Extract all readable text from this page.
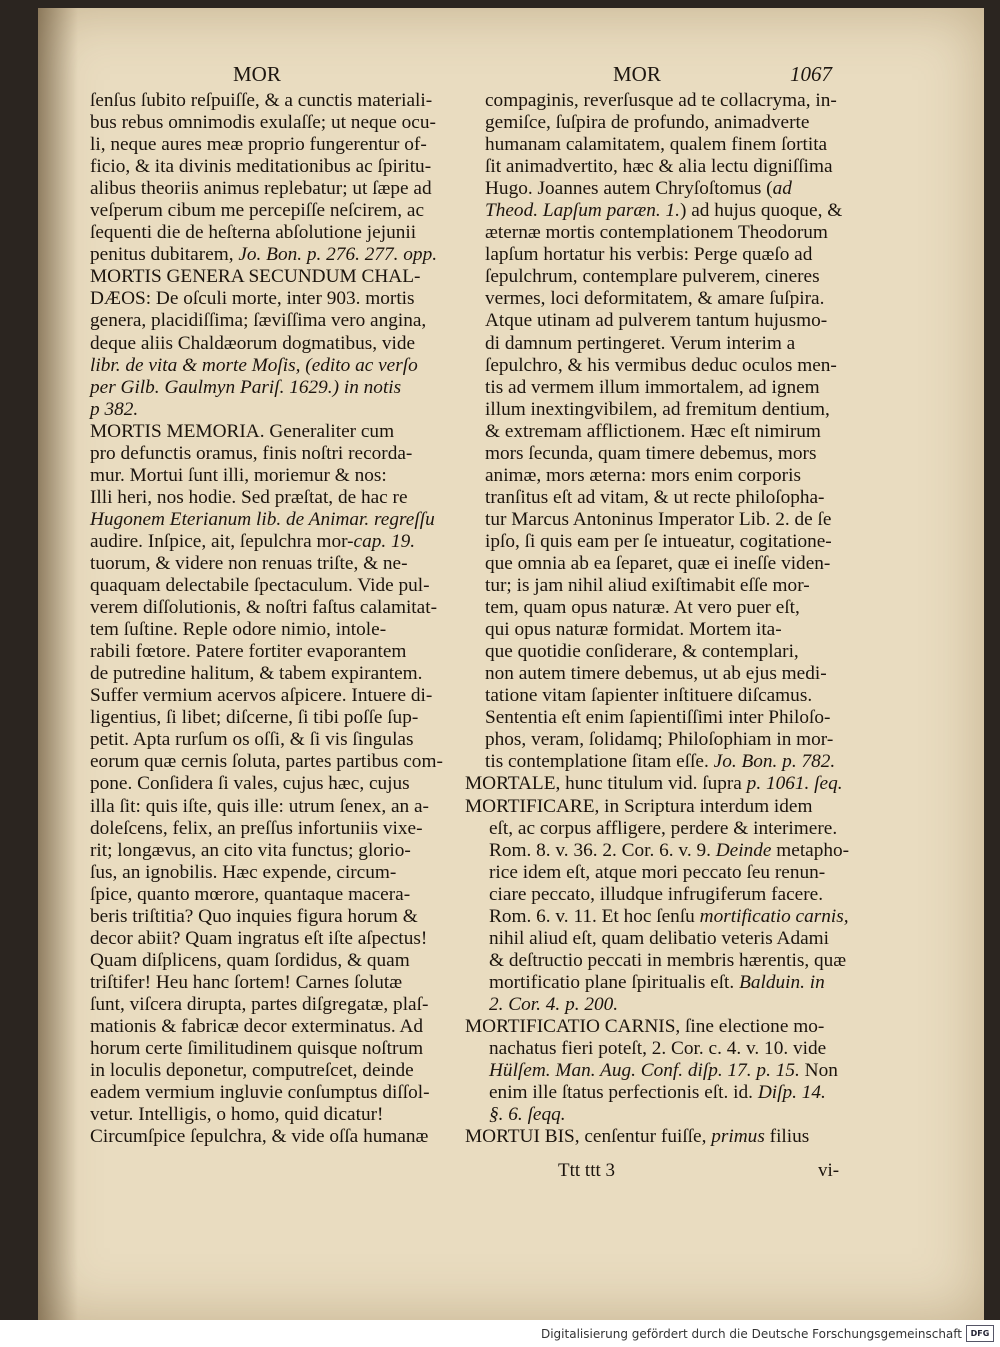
MOR	MOR	1067
ſenſus ſubito reſpuiſſe, & a cunctis materiali-
bus rebus omnimodis exulaſſe; ut neque ocu-
li, neque aures meæ proprio fungerentur of-
ficio, & ita divinis meditationibus ac ſpiritu-
alibus theoriis animus replebatur; ut ſæpe ad
veſperum cibum me percepiſſe neſcirem, ac
ſequenti die de heſterna abſolutione jejunii
penitus dubitarem, Jo. Bon. p. 276. 277. opp.
MORTIS GENERA SECUNDUM CHAL-
DÆOS: De oſculi morte, inter 903. mortis
genera, placidiſſima; ſæviſſima vero angina,
deque aliis Chaldæorum dogmatibus, vide
libr. de vita & morte Moſis, (edito ac verſo
per Gilb. Gaulmyn Pariſ. 1629.) in notis
p 382.
MORTIS MEMORIA. Generaliter cum
pro defunctis oramus, finis noſtri recorda-
mur. Mortui ſunt illi, moriemur & nos:
Illi heri, nos hodie. Sed præſtat, de hac re
Hugonem Eterianum lib. de Animar. regreſſu
audire. Inſpice, ait, ſepulchra mor-cap. 19.
tuorum, & videre non renuas triſte, & ne-
quaquam delectabile ſpectaculum. Vide pul-
verem diſſolutionis, & noſtri faſtus calamitat-
tem ſuſtine. Reple odore nimio, intole-
rabili fœtore. Patere fortiter evaporantem
de putredine halitum, & tabem expirantem.
Suffer vermium acervos aſpicere. Intuere di-
ligentius, ſi libet; diſcerne, ſi tibi poſſe ſup-
petit. Apta rurſum os oſſi, & ſi vis ſingulas
eorum quæ cernis ſoluta, partes partibus com-
pone. Conſidera ſi vales, cujus hæc, cujus
illa ſit: quis iſte, quis ille: utrum ſenex, an a-
doleſcens, felix, an preſſus infortuniis vixe-
rit; longævus, an cito vita functus; glorio-
ſus, an ignobilis. Hæc expende, circum-
ſpice, quanto mœrore, quantaque macera-
beris triſtitia? Quo inquies figura horum &
decor abiit? Quam ingratus eſt iſte aſpectus!
Quam diſplicens, quam ſordidus, & quam
triſtifer! Heu hanc ſortem! Carnes ſolutæ
ſunt, viſcera dirupta, partes diſgregatæ, plaſ-
mationis & fabricæ decor exterminatus. Ad
horum certe ſimilitudinem quisque noſtrum
in loculis deponetur, computreſcet, deinde
eadem vermium ingluvie conſumptus diſſol-
vetur. Intelligis, o homo, quid dicatur!
Circumſpice ſepulchra, & vide oſſa humanæ
compaginis, reverſusque ad te collacryma, in-
gemiſce, ſuſpira de profundo, animadverte
humanam calamitatem, qualem finem ſortita
ſit animadvertito, hæc & alia lectu digniſſima
Hugo. Joannes autem Chryſoſtomus (ad
Theod. Lapſum paræn. 1.) ad hujus quoque, &
æternæ mortis contemplationem Theodorum
lapſum hortatur his verbis: Perge quæſo ad
ſepulchrum, contemplare pulverem, cineres
vermes, loci deformitatem, & amare ſuſpira.
Atque utinam ad pulverem tantum hujusmo-
di damnum pertingeret. Verum interim a
ſepulchro, & his vermibus deduc oculos men-
tis ad vermem illum immortalem, ad ignem
illum inextingvibilem, ad fremitum dentium,
& extremam afflictionem. Hæc eſt nimirum
mors ſecunda, quam timere debemus, mors
animæ, mors æterna: mors enim corporis
tranſitus eſt ad vitam, & ut recte philoſopha-
tur Marcus Antoninus Imperator Lib. 2. de ſe
ipſo, ſi quis eam per ſe intueatur, cogitatione-
que omnia ab ea ſeparet, quæ ei ineſſe viden-
tur; is jam nihil aliud exiſtimabit eſſe mor-
tem, quam opus naturæ. At vero puer eſt,
qui opus naturæ formidat. Mortem ita-
que quotidie conſiderare, & contemplari,
non autem timere debemus, ut ab ejus medi-
tatione vitam ſapienter inſtituere diſcamus.
Sententia eſt enim ſapientiſſimi inter Philoſo-
phos, veram, ſolidamq; Philoſophiam in mor-
tis contemplatione ſitam eſſe. Jo. Bon. p. 782.
MORTALE, hunc titulum vid. ſupra p. 1061. ſeq.
MORTIFICARE, in Scriptura interdum idem
eſt, ac corpus affligere, perdere & interimere.
Rom. 8. v. 36. 2. Cor. 6. v. 9. Deinde metapho-
rice idem eſt, atque mori peccato ſeu renun-
ciare peccato, illudque infrugiferum facere.
Rom. 6. v. 11. Et hoc ſenſu mortificatio carnis,
nihil aliud eſt, quam delibatio veteris Adami
& deſtructio peccati in membris hærentis, quæ
mortificatio plane ſpiritualis eſt. Balduin. in
2. Cor. 4. p. 200.
MORTIFICATIO CARNIS, ſine electione mo-
nachatus fieri poteſt, 2. Cor. c. 4. v. 10. vide
Hülſem. Man. Aug. Conf. diſp. 17. p. 15. Non
enim ille ſtatus perfectionis eſt. id. Diſp. 14.
§. 6. ſeqq.
MORTUI BIS, cenſentur fuiſſe, primus filius
Ttt ttt 3	vi-
Digitalisierung gefördert durch die Deutsche Forschungsgemeinschaft	DFG
